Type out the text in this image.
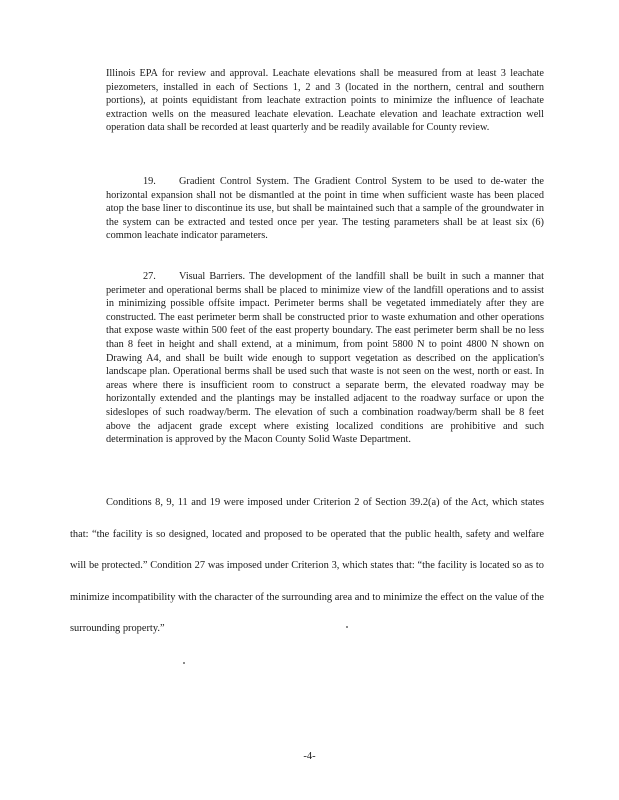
Illinois EPA for review and approval. Leachate elevations shall be measured from at least 3 leachate piezometers, installed in each of Sections 1, 2 and 3 (located in the northern, central and southern portions), at points equidistant from leachate extraction points to minimize the influence of leachate extraction wells on the measured leachate elevation. Leachate elevation and leachate extraction well operation data shall be recorded at least quarterly and be readily available for County review.

19. Gradient Control System. The Gradient Control System to be used to de-water the horizontal expansion shall not be dismantled at the point in time when sufficient waste has been placed atop the base liner to discontinue its use, but shall be maintained such that a sample of the groundwater in the system can be extracted and tested once per year. The testing parameters shall be at least six (6) common leachate indicator parameters.

27. Visual Barriers. The development of the landfill shall be built in such a manner that perimeter and operational berms shall be placed to minimize view of the landfill operations and to assist in minimizing possible offsite impact. Perimeter berms shall be vegetated immediately after they are constructed. The east perimeter berm shall be constructed prior to waste exhumation and other operations that expose waste within 500 feet of the east property boundary. The east perimeter berm shall be no less than 8 feet in height and shall extend, at a minimum, from point 5800 N to point 4800 N shown on Drawing A4, and shall be built wide enough to support vegetation as described on the application's landscape plan. Operational berms shall be used such that waste is not seen on the west, north or east. In areas where there is insufficient room to construct a separate berm, the elevated roadway may be horizontally extended and the plantings may be installed adjacent to the roadway surface or upon the sideslopes of such roadway/berm. The elevation of such a combination roadway/berm shall be 8 feet above the adjacent grade except where existing localized conditions are prohibitive and such determination is approved by the Macon County Solid Waste Department.

Conditions 8, 9, 11 and 19 were imposed under Criterion 2 of Section 39.2(a) of the Act, which states that: “the facility is so designed, located and proposed to be operated that the public health, safety and welfare will be protected.” Condition 27 was imposed under Criterion 3, which states that: “the facility is located so as to minimize incompatibility with the character of the surrounding area and to minimize the effect on the value of the surrounding property.”

-4-
